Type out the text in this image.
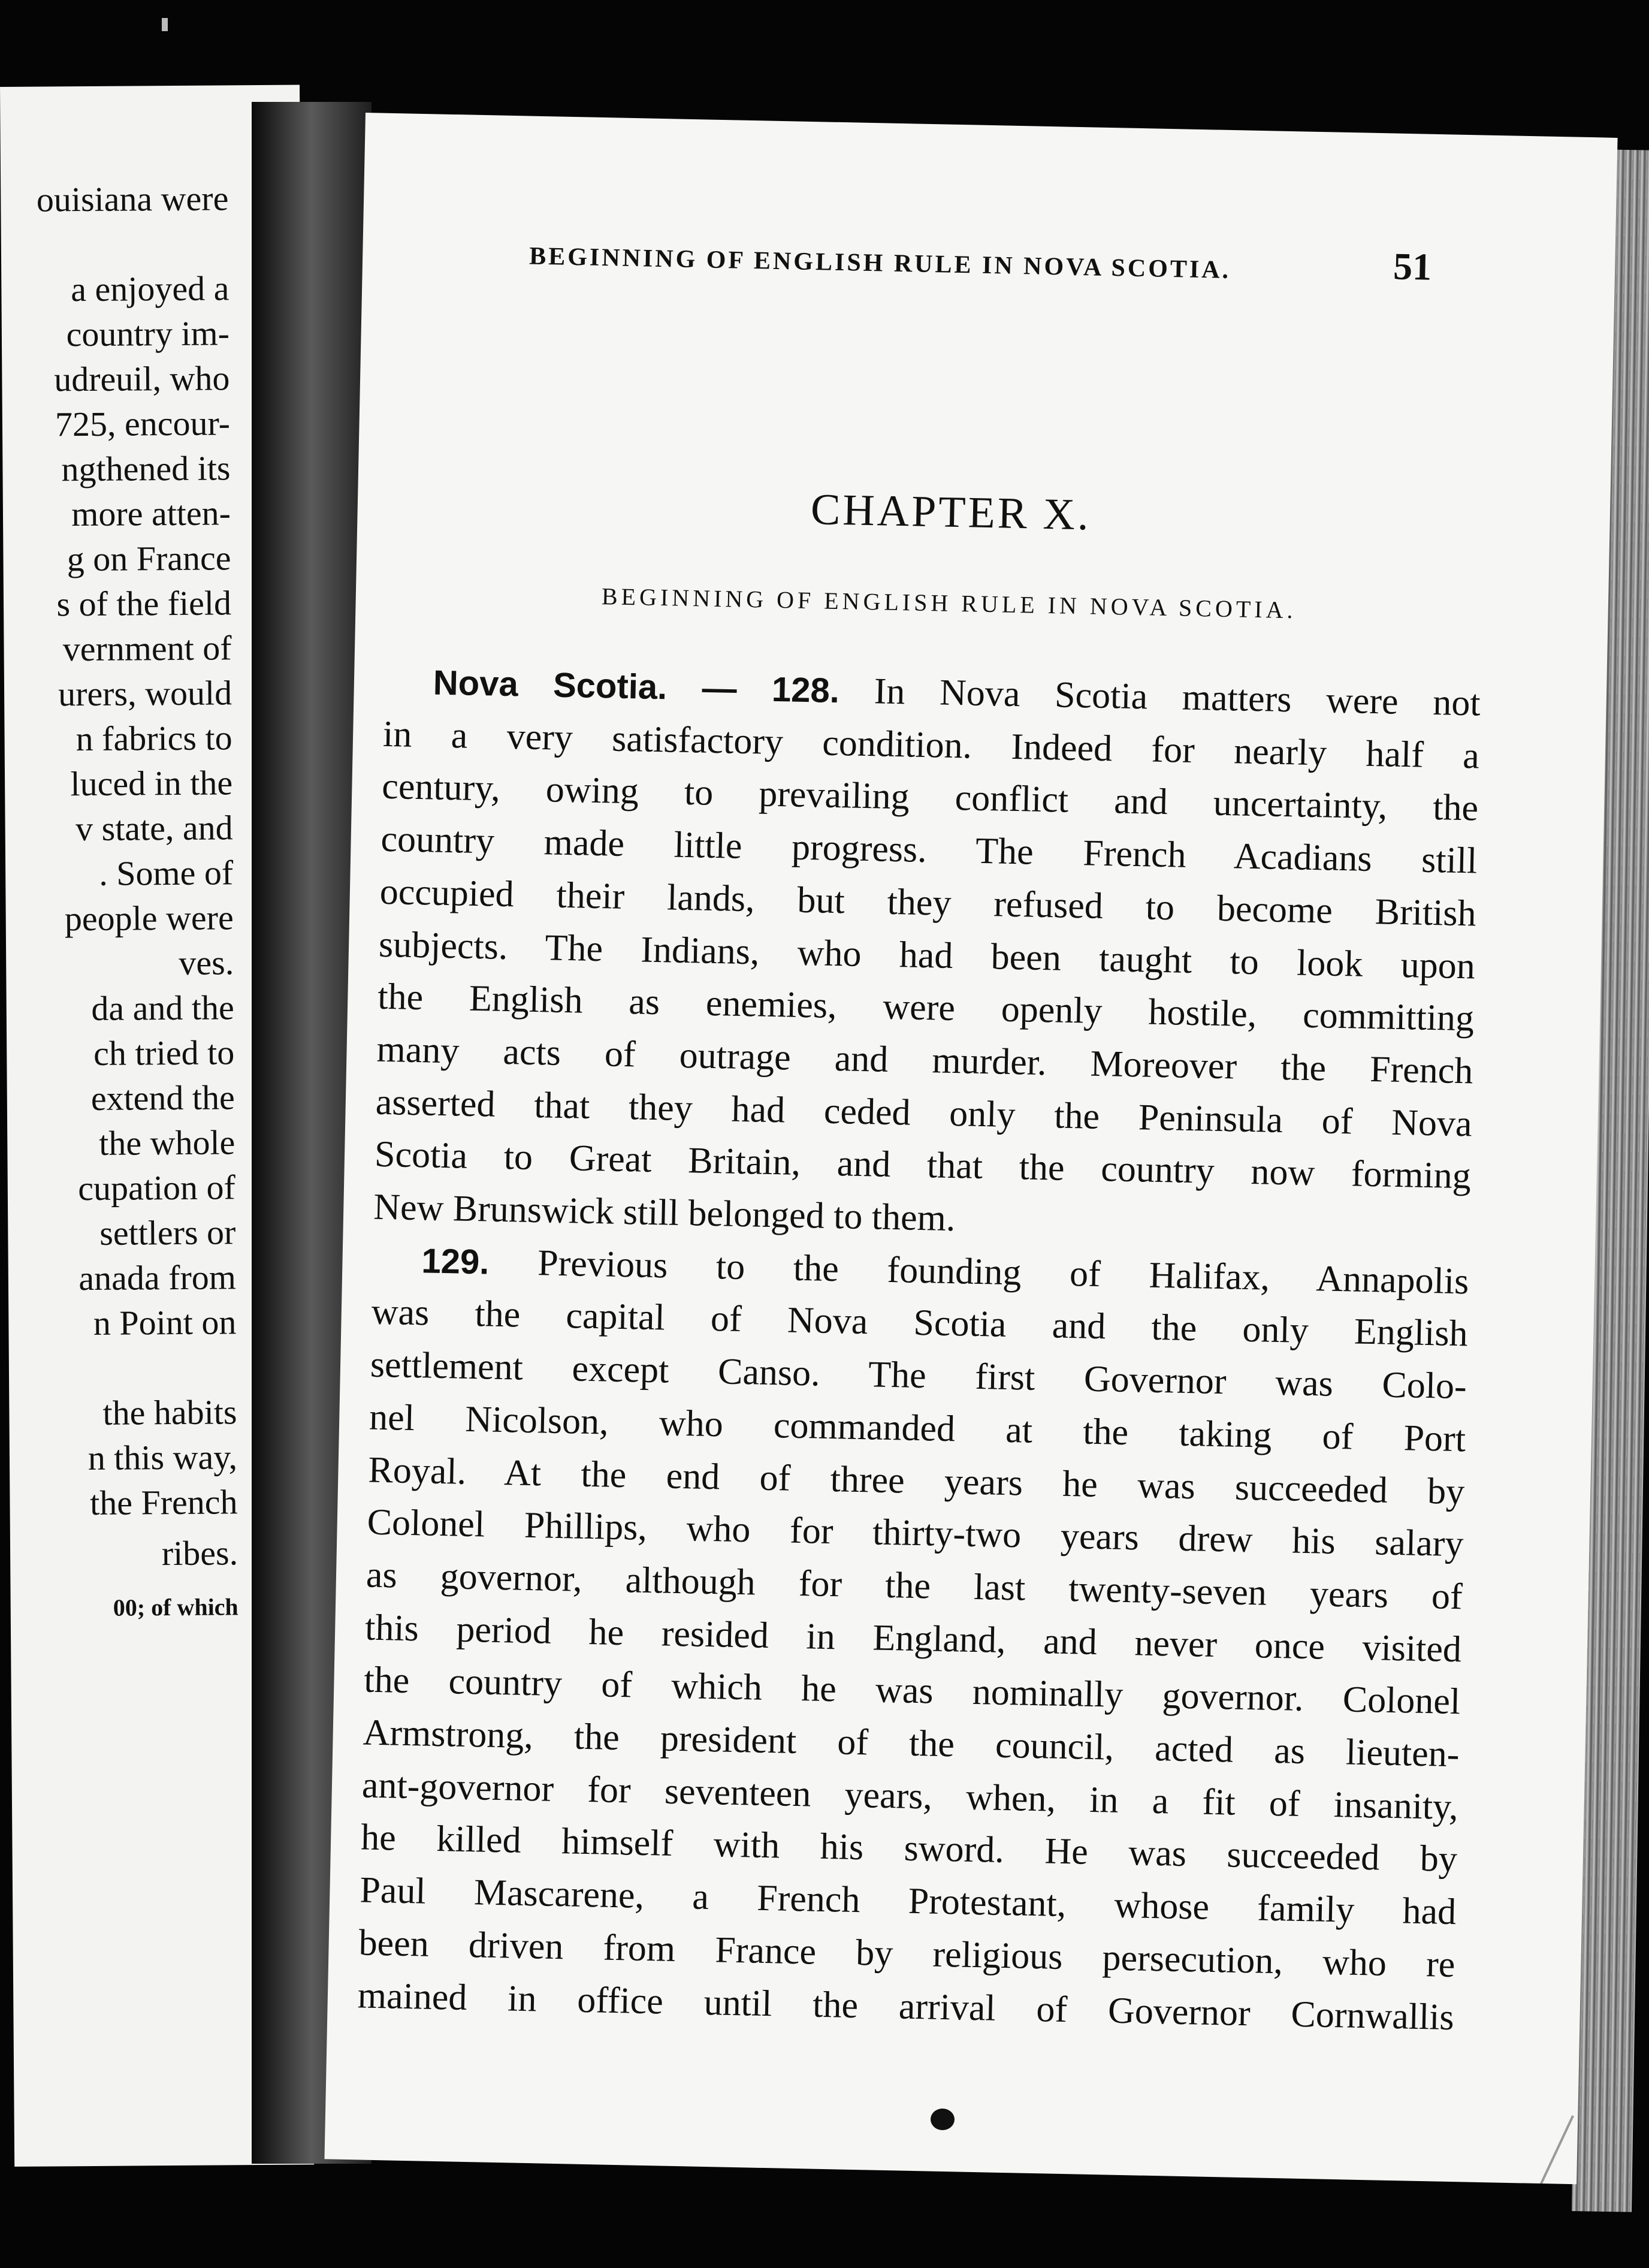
ouisiana were
a enjoyed a
country im-
udreuil, who
725, encour-
ngthened its
more atten-
g on France
s of the field
vernment of
urers, would
n fabrics to
luced in the
v state, and
. Some of
people were
ves.
da and the
ch tried to
extend the
the whole
cupation of
settlers or
anada from
n Point on
the habits
n this way,
the French
ribes.
00; of which
BEGINNING OF ENGLISH RULE IN NOVA SCOTIA.	51
CHAPTER X.
BEGINNING OF ENGLISH RULE IN NOVA SCOTIA.
Nova Scotia. — 128. In Nova Scotia matters were not
in a very satisfactory condition. Indeed for nearly half a
century, owing to prevailing conflict and uncertainty, the
country made little progress. The French Acadians still
occupied their lands, but they refused to become British
subjects. The Indians, who had been taught to look upon
the English as enemies, were openly hostile, committing
many acts of outrage and murder. Moreover the French
asserted that they had ceded only the Peninsula of Nova
Scotia to Great Britain, and that the country now forming
New Brunswick still belonged to them.
129. Previous to the founding of Halifax, Annapolis
was the capital of Nova Scotia and the only English
settlement except Canso. The first Governor was Colo-
nel Nicolson, who commanded at the taking of Port
Royal. At the end of three years he was succeeded by
Colonel Phillips, who for thirty-two years drew his salary
as governor, although for the last twenty-seven years of
this period he resided in England, and never once visited
the country of which he was nominally governor. Colonel
Armstrong, the president of the council, acted as lieuten-
ant-governor for seventeen years, when, in a fit of insanity,
he killed himself with his sword. He was succeeded by
Paul Mascarene, a French Protestant, whose family had
been driven from France by religious persecution, who re
mained in office until the arrival of Governor Cornwallis
